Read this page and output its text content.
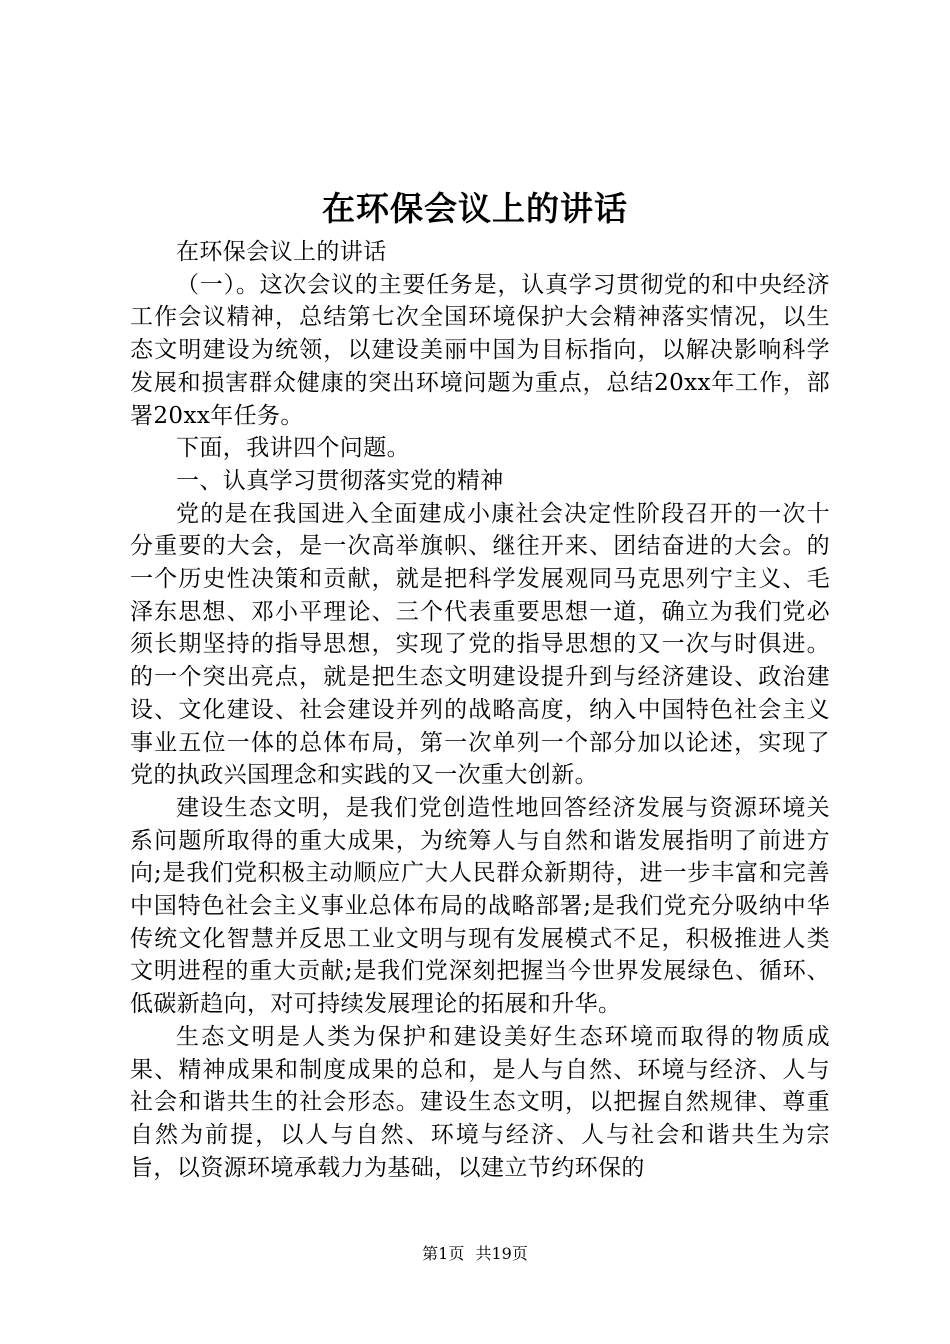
在环保会议上的讲话

在环保会议上的讲话

（一）。这次会议的主要任务是，认真学习贯彻党的和中央经济工作会议精神，总结第七次全国环境保护大会精神落实情况，以生态文明建设为统领，以建设美丽中国为目标指向，以解决影响科学发展和损害群众健康的突出环境问题为重点，总结20xx年工作，部署20xx年任务。

下面，我讲四个问题。

一、认真学习贯彻落实党的精神

党的是在我国进入全面建成小康社会决定性阶段召开的一次十分重要的大会，是一次高举旗帜、继往开来、团结奋进的大会。的一个历史性决策和贡献，就是把科学发展观同马克思列宁主义、毛泽东思想、邓小平理论、三个代表重要思想一道，确立为我们党必须长期坚持的指导思想，实现了党的指导思想的又一次与时俱进。的一个突出亮点，就是把生态文明建设提升到与经济建设、政治建设、文化建设、社会建设并列的战略高度，纳入中国特色社会主义事业五位一体的总体布局，第一次单列一个部分加以论述，实现了党的执政兴国理念和实践的又一次重大创新。

建设生态文明，是我们党创造性地回答经济发展与资源环境关系问题所取得的重大成果，为统筹人与自然和谐发展指明了前进方向;是我们党积极主动顺应广大人民群众新期待，进一步丰富和完善中国特色社会主义事业总体布局的战略部署;是我们党充分吸纳中华传统文化智慧并反思工业文明与现有发展模式不足，积极推进人类文明进程的重大贡献;是我们党深刻把握当今世界发展绿色、循环、低碳新趋向，对可持续发展理论的拓展和升华。

生态文明是人类为保护和建设美好生态环境而取得的物质成果、精神成果和制度成果的总和，是人与自然、环境与经济、人与社会和谐共生的社会形态。建设生态文明，以把握自然规律、尊重自然为前提，以人与自然、环境与经济、人与社会和谐共生为宗旨，以资源环境承载力为基础，以建立节约环保的

第1页 共19页
